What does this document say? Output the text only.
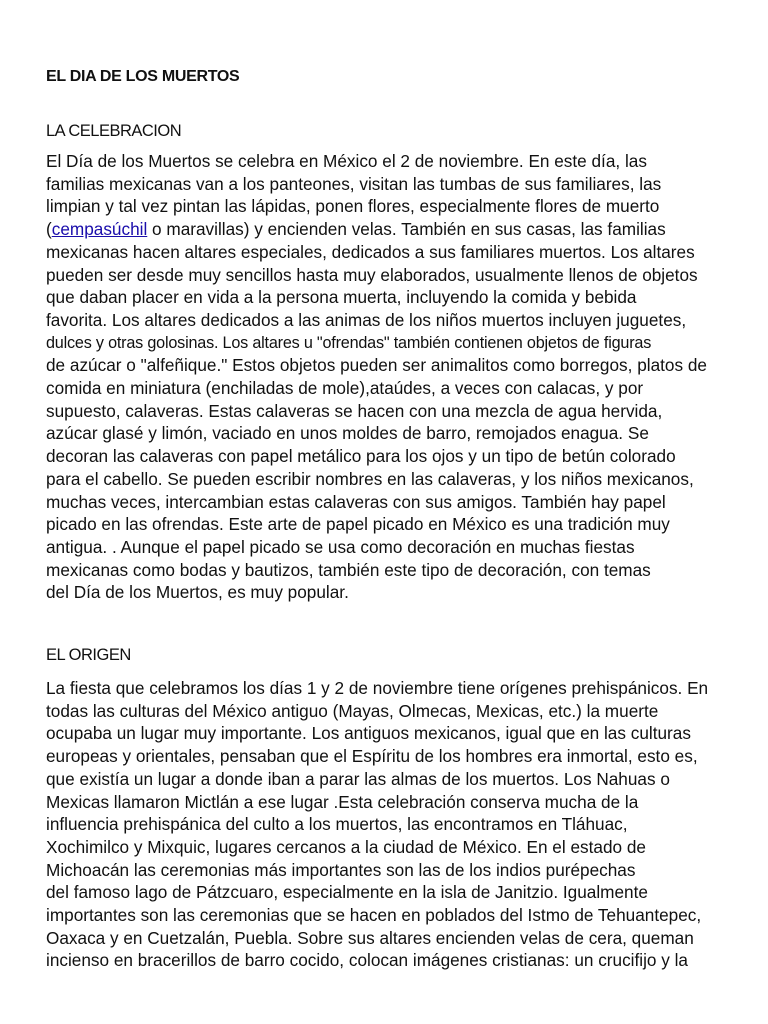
EL DIA DE LOS MUERTOS
LA CELEBRACION
El Día de los Muertos se celebra en México el 2 de noviembre. En este día, las
familias mexicanas van a los panteones, visitan las tumbas de sus familiares, las
limpian y tal vez pintan las lápidas, ponen flores, especialmente flores de muerto
(cempasúchil o maravillas) y encienden velas. También en sus casas, las familias
mexicanas hacen altares especiales, dedicados a sus familiares muertos. Los altares
pueden ser desde muy sencillos hasta muy elaborados, usualmente llenos de objetos
que daban placer en vida a la persona muerta, incluyendo la comida y bebida
favorita. Los altares dedicados a las animas de los niños muertos incluyen juguetes,
dulces y otras golosinas. Los altares u "ofrendas" también contienen objetos de figuras
de azúcar o "alfeñique." Estos objetos pueden ser animalitos como borregos, platos de
comida en miniatura (enchiladas de mole),ataúdes, a veces con calacas, y por
supuesto, calaveras. Estas calaveras se hacen con una mezcla de agua hervida,
azúcar glasé y limón, vaciado en unos moldes de barro, remojados enagua. Se
decoran las calaveras con papel metálico para los ojos y un tipo de betún colorado
para el cabello. Se pueden escribir nombres en las calaveras, y los niños mexicanos,
muchas veces, intercambian estas calaveras con sus amigos. También hay papel
picado en las ofrendas. Este arte de papel picado en México es una tradición muy
antigua. . Aunque el papel picado se usa como decoración en muchas fiestas
mexicanas como bodas y bautizos, también este tipo de decoración, con temas
del Día de los Muertos, es muy popular.
EL ORIGEN
La fiesta que celebramos los días 1 y 2 de noviembre tiene orígenes prehispánicos. En
todas las culturas del México antiguo (Mayas, Olmecas, Mexicas, etc.) la muerte
ocupaba un lugar muy importante. Los antiguos mexicanos, igual que en las culturas
europeas y orientales, pensaban que el Espíritu de los hombres era inmortal, esto es,
que existía un lugar a donde iban a parar las almas de los muertos. Los Nahuas o
Mexicas llamaron Mictlán a ese lugar .Esta celebración conserva mucha de la
influencia prehispánica del culto a los muertos, las encontramos en Tláhuac,
Xochimilco y Mixquic, lugares cercanos a la ciudad de México. En el estado de
Michoacán las ceremonias más importantes son las de los indios purépechas
del famoso lago de Pátzcuaro, especialmente en la isla de Janitzio. Igualmente
importantes son las ceremonias que se hacen en poblados del Istmo de Tehuantepec,
Oaxaca y en Cuetzalán, Puebla. Sobre sus altares encienden velas de cera, queman
incienso en bracerillos de barro cocido, colocan imágenes cristianas: un crucifijo y la
